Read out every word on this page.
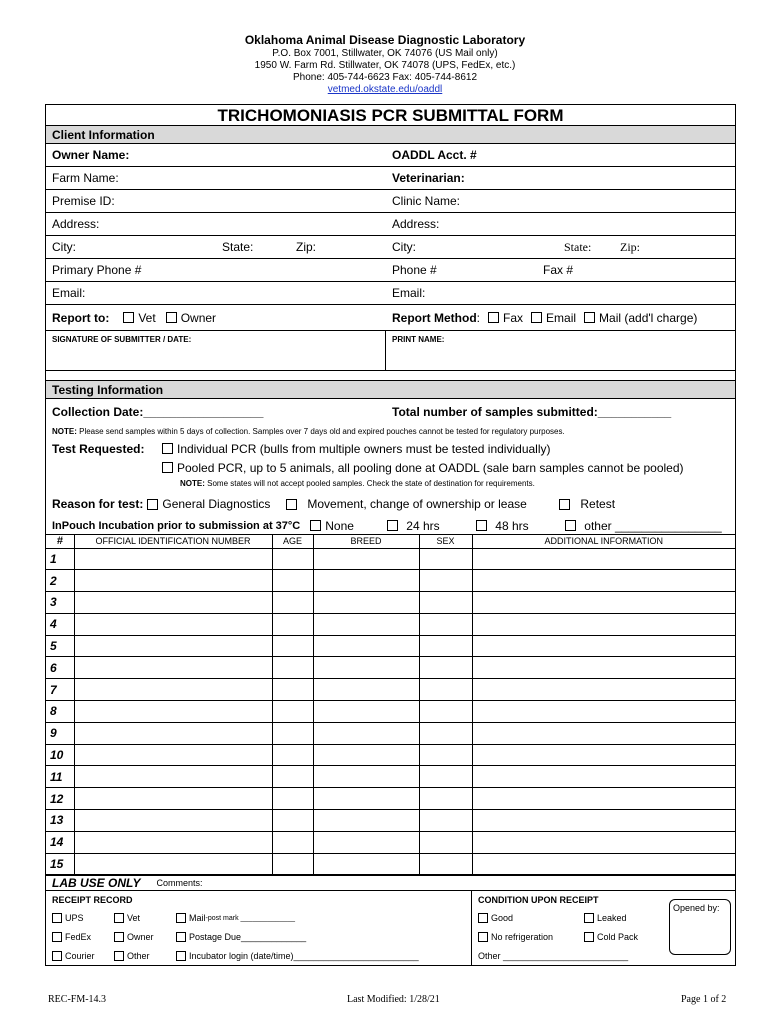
Oklahoma Animal Disease Diagnostic Laboratory
P.O. Box 7001, Stillwater, OK 74076 (US Mail only)
1950 W. Farm Rd. Stillwater, OK 74078 (UPS, FedEx, etc.)
Phone: 405-744-6623 Fax: 405-744-8612
vetmed.okstate.edu/oaddl
TRICHOMONIASIS PCR SUBMITTAL FORM
Client Information
Owner Name:	OADDL Acct. #
Farm Name:	Veterinarian:
Premise ID:	Clinic Name:
Address:	Address:
City:	State:	Zip:	City:	State: Zip:
Primary Phone #	Phone #	Fax #
Email:	Email:
Report to: Vet Owner	Report Method : Fax Email Mail (add'l charge)
SIGNATURE OF SUBMITTER / DATE:	PRINT NAME:
Testing Information
Collection Date:__________________	Total number of samples submitted:___________
NOTE: Please send samples within 5 days of collection. Samples over 7 days old and expired pouches cannot be tested for regulatory purposes.
Test Requested:	Individual PCR (bulls from multiple owners must be tested individually)
Pooled PCR, up to 5 animals, all pooling done at OADDL (sale barn samples cannot be pooled)
NOTE: Some states will not accept pooled samples. Check the state of destination for requirements.
Reason for test: General Diagnostics	Movement, change of ownership or lease	Retest
InPouch Incubation prior to submission at 37°C None	24 hrs	48 hrs	other ________________
#	OFFICIAL IDENTIFICATION NUMBER	AGE	BREED	SEX	ADDITIONAL INFORMATION
1					
2					
3					
4					
5					
6					
7					
8					
9					
10					
11					
12					
13					
14					
15					
LAB USE ONLY Comments:
RECEIPT RECORD
UPS	Vet	Mail -post mark ______________
FedEx	Owner	Postage Due_____________
Courier	Other	Incubator login (date/time)_________________________
CONDITION UPON RECEIPT
Good	Leaked
No refrigeration	Cold Pack
Other _________________________
Opened by:
REC-FM-14.3	Last Modified: 1/28/21	Page 1 of 2
